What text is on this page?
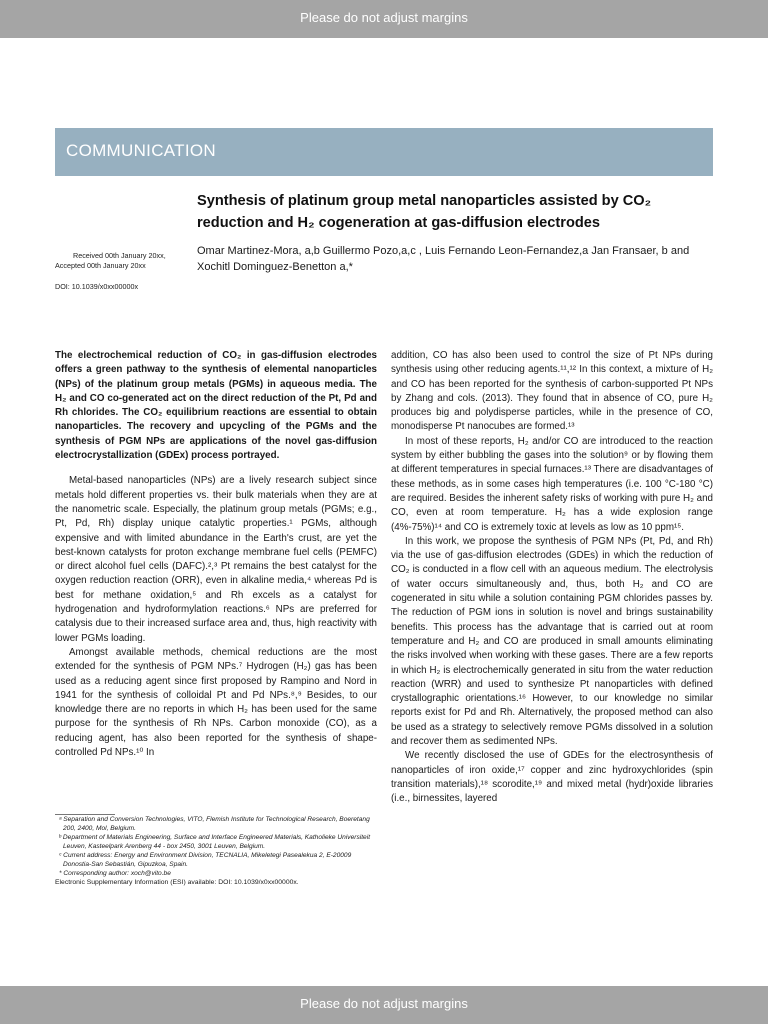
Please do not adjust margins
COMMUNICATION
Synthesis of platinum group metal nanoparticles assisted by CO₂ reduction and H₂ cogeneration at gas-diffusion electrodes
Omar Martinez-Mora, a,b Guillermo Pozo,a,c , Luis Fernando Leon-Fernandez,a Jan Fransaer, b and Xochitl Dominguez-Benetton a,*
Received 00th January 20xx,
Accepted 00th January 20xx
DOI: 10.1039/x0xx00000x

The electrochemical reduction of CO₂ in gas-diffusion electrodes offers a green pathway to the synthesis of elemental nanoparticles (NPs) of the platinum group metals (PGMs) in aqueous media. The H₂ and CO co-generated act on the direct reduction of the Pt, Pd and Rh chlorides. The CO₂ equilibrium reactions are essential to obtain nanoparticles. The recovery and upcycling of the PGMs and the synthesis of PGM NPs are applications of the novel gas-diffusion electrocrystallization (GDEx) process portrayed.

Metal-based nanoparticles (NPs) are a lively research subject since metals hold different properties vs. their bulk materials when they are at the nanometric scale. Especially, the platinum group metals (PGMs; e.g., Pt, Pd, Rh) display unique catalytic properties.¹ PGMs, although expensive and with limited abundance in the Earth's crust, are yet the best-known catalysts for proton exchange membrane fuel cells (PEMFC) or direct alcohol fuel cells (DAFC).²,³ Pt remains the best catalyst for the oxygen reduction reaction (ORR), even in alkaline media,⁴ whereas Pd is best for methane oxidation,⁵ and Rh excels as a catalyst for hydrogenation and hydroformylation reactions.⁶ NPs are preferred for catalysis due to their increased surface area and, thus, high reactivity with lower PGMs loading.

Amongst available methods, chemical reductions are the most extended for the synthesis of PGM NPs.⁷ Hydrogen (H₂) gas has been used as a reducing agent since first proposed by Rampino and Nord in 1941 for the synthesis of colloidal Pt and Pd NPs.⁸,⁹ Besides, to our knowledge there are no reports in which H₂ has been used for the same purpose for the synthesis of Rh NPs. Carbon monoxide (CO), as a reducing agent, has also been reported for the synthesis of shape-controlled Pd NPs.¹⁰ In

addition, CO has also been used to control the size of Pt NPs during synthesis using other reducing agents.¹¹,¹² In this context, a mixture of H₂ and CO has been reported for the synthesis of carbon-supported Pt NPs by Zhang and cols. (2013). They found that in absence of CO, pure H₂ produces big and polydisperse particles, while in the presence of CO, monodisperse Pt nanocubes are formed.¹³

In most of these reports, H₂ and/or CO are introduced to the reaction system by either bubbling the gases into the solution⁹ or by flowing them at different temperatures in special furnaces.¹³ There are disadvantages of these methods, as in some cases high temperatures (i.e. 100 °C-180 °C) are required. Besides the inherent safety risks of working with pure H₂ and CO, even at room temperature. H₂ has a wide explosion range (4%-75%)¹⁴ and CO is extremely toxic at levels as low as 10 ppm¹⁵.

In this work, we propose the synthesis of PGM NPs (Pt, Pd, and Rh) via the use of gas-diffusion electrodes (GDEs) in which the reduction of CO₂ is conducted in a flow cell with an aqueous medium. The electrolysis of water occurs simultaneously and, thus, both H₂ and CO are cogenerated in situ while a solution containing PGM chlorides passes by. The reduction of PGM ions in solution is novel and brings sustainability benefits. This process has the advantage that is carried out at room temperature and H₂ and CO are produced in small amounts eliminating the risks involved when working with these gases. There are a few reports in which H₂ is electrochemically generated in situ from the water reduction reaction (WRR) and used to synthesize Pt nanoparticles with defined crystallographic orientations.¹⁶ However, to our knowledge no similar reports exist for Pd and Rh. Alternatively, the proposed method can also be used as a strategy to selectively remove PGMs dissolved in a solution and recover them as sedimented NPs.

We recently disclosed the use of GDEs for the electrosynthesis of nanoparticles of iron oxide,¹⁷ copper and zinc hydroxychlorides (spin transition materials),¹⁸ scorodite,¹⁹ and mixed metal (hydr)oxide libraries (i.e., birnessites, layered

ᵃ Separation and Conversion Technologies, VITO, Flemish Institute for Technological Research, Boeretang 200, 2400, Mol, Belgium.
ᵇ Department of Materials Engineering, Surface and Interface Engineered Materials, Katholieke Universiteit Leuven, Kasteelpark Arenberg 44 - box 2450, 3001 Leuven, Belgium.
ᶜ Current address: Energy and Environment Division, TECNALIA, Mikeletegi Pasealekua 2, E-20009 Donostia-San Sebastián, Gipuzkoa, Spain.
* Corresponding author: xoch@vito.be
Electronic Supplementary Information (ESI) available: DOI: 10.1039/x0xx00000x.
Please do not adjust margins
